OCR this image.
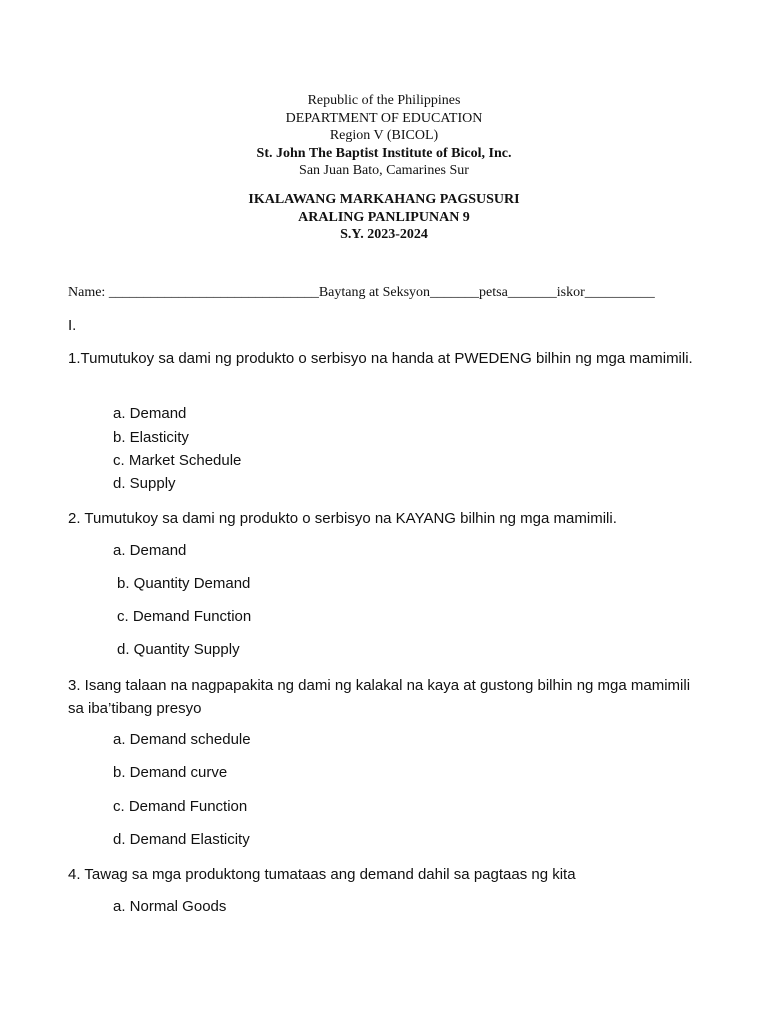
Republic of the Philippines
DEPARTMENT OF EDUCATION
Region V (BICOL)
St. John The Baptist Institute of Bicol, Inc.
San Juan Bato, Camarines Sur
IKALAWANG MARKAHANG PAGSUSURI
ARALING PANLIPUNAN 9
S.Y. 2023-2024
Name: ______________________________Baytang at Seksyon_______petsa_______iskor__________
I.
1.Tumutukoy sa dami ng produkto o serbisyo na handa at PWEDENG bilhin ng mga mamimili.
a. Demand
b. Elasticity
c. Market Schedule
d. Supply
2. Tumutukoy sa dami ng produkto o serbisyo na KAYANG bilhin ng mga mamimili.
a. Demand
b. Quantity Demand
c. Demand Function
d. Quantity Supply
3. Isang talaan na nagpapakita ng dami ng kalakal na kaya at gustong bilhin ng mga mamimili sa iba’tibang presyo
a. Demand schedule
b. Demand curve
c. Demand Function
d. Demand Elasticity
4. Tawag sa mga produktong tumataas ang demand dahil sa pagtaas ng kita
a. Normal Goods
